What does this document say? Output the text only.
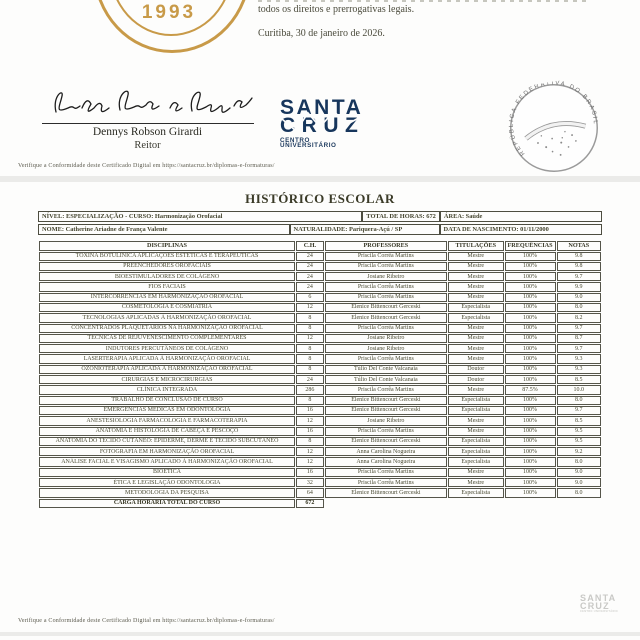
1993	todos os direitos e prerrogativas legais.
Curitiba, 30 de janeiro de 2026.
Dennys Robson Girardi
Reitor
SANTA
CRUZ
CENTRO UNIVERSITÁRIO
REPÚBLICA FEDERATIVA DO BRASIL
Verifique a Conformidade deste Certificado Digital em https://santacruz.br/diplomas-e-formaturas/
HISTÓRICO ESCOLAR
NÍVEL: ESPECIALIZAÇÃO - CURSO: Harmonização Orofacial	TOTAL DE HORAS: 672	ÁREA: Saúde
NOME: Catherine Ariadne de França Valente	NATURALIDADE: Pariquera-Açú / SP	DATA DE NASCIMENTO: 01/11/2000
DISCIPLINAS	C.H.	PROFESSORES	TITULAÇÕES	FREQUÊNCIAS	NOTAS
TOXINA BOTULÍNICA APLICAÇÕES ESTÉTICAS E TERAPÊUTICAS	24	Priscila Corrêa Martins	Mestre	100%	9.8
PREENCHEDORES OROFACIAIS	24	Priscila Corrêa Martins	Mestre	100%	9.8
BIOESTIMULADORES DE COLÁGENO	24	Josiane Ribeiro	Mestre	100%	9.7
FIOS FACIAIS	24	Priscila Corrêa Martins	Mestre	100%	9.9
INTERCORRÊNCIAS EM HARMONIZAÇÃO OROFACIAL	6	Priscila Corrêa Martins	Mestre	100%	9.0
COSMETOLOGIA E COSMIATRIA	12	Elenice Bittencourt Gerceski	Especialista	100%	8.0
TECNOLOGIAS APLICADAS À HARMONIZAÇÃO OROFACIAL	8	Elenice Bittencourt Gerceski	Especialista	100%	8.2
CONCENTRADOS PLAQUETÁRIOS NA HARMONIZAÇÃO OROFACIAL	8	Priscila Corrêa Martins	Mestre	100%	9.7
TÉCNICAS DE REJUVENESCIMENTO COMPLEMENTARES	12	Josiane Ribeiro	Mestre	100%	8.7
INDUTORES PERCUTÂNEOS DE COLÁGENO	8	Josiane Ribeiro	Mestre	100%	9.7
LASERTERAPIA APLICADA À HARMONIZAÇÃO OROFACIAL	8	Priscila Corrêa Martins	Mestre	100%	9.3
OZONIOTERAPIA APLICADA À HARMONIZAÇÃO OROFACIAL	8	Túlio Del Conte Valcanaia	Doutor	100%	9.3
CIRURGIAS E MICROCIRURGIAS	24	Túlio Del Conte Valcanaia	Doutor	100%	8.5
CLÍNICA INTEGRADA	286	Priscila Corrêa Martins	Mestre	87.5%	10.0
TRABALHO DE CONCLUSÃO DE CURSO	8	Elenice Bittencourt Gerceski	Especialista	100%	8.0
EMERGÊNCIAS MÉDICAS EM ODONTOLOGIA	16	Elenice Bittencourt Gerceski	Especialista	100%	9.7
ANESTESIOLOGIA FARMACOLOGIA E FARMACOTERAPIA	12	Josiane Ribeiro	Mestre	100%	8.5
ANATOMIA E HISTOLOGIA DE CABEÇA E PESCOÇO	16	Priscila Corrêa Martins	Mestre	100%	9.5
ANATOMIA DO TECIDO CUTÂNEO: EPIDERME, DERME E TECIDO SUBCUTÂNEO	8	Elenice Bittencourt Gerceski	Especialista	100%	9.5
FOTOGRAFIA EM HARMONIZAÇÃO OROFACIAL	12	Anna Carolina Nogueira	Especialista	100%	9.2
ANÁLISE FACIAL E VISAGISMO APLICADO À HARMONIZAÇÃO OROFACIAL	12	Anna Carolina Nogueira	Especialista	100%	8.0
BIOÉTICA	16	Priscila Corrêa Martins	Mestre	100%	9.0
ÉTICA E LEGISLAÇÃO ODONTOLOGIA	32	Priscila Corrêa Martins	Mestre	100%	9.0
METODOLOGIA DA PESQUISA	64	Elenice Bittencourt Gerceski	Especialista	100%	8.0
CARGA HORÁRIA TOTAL DO CURSO	672				
SANTA
CRUZ
CENTRO UNIVERSITÁRIO
Verifique a Conformidade deste Certificado Digital em https://santacruz.br/diplomas-e-formaturas/
